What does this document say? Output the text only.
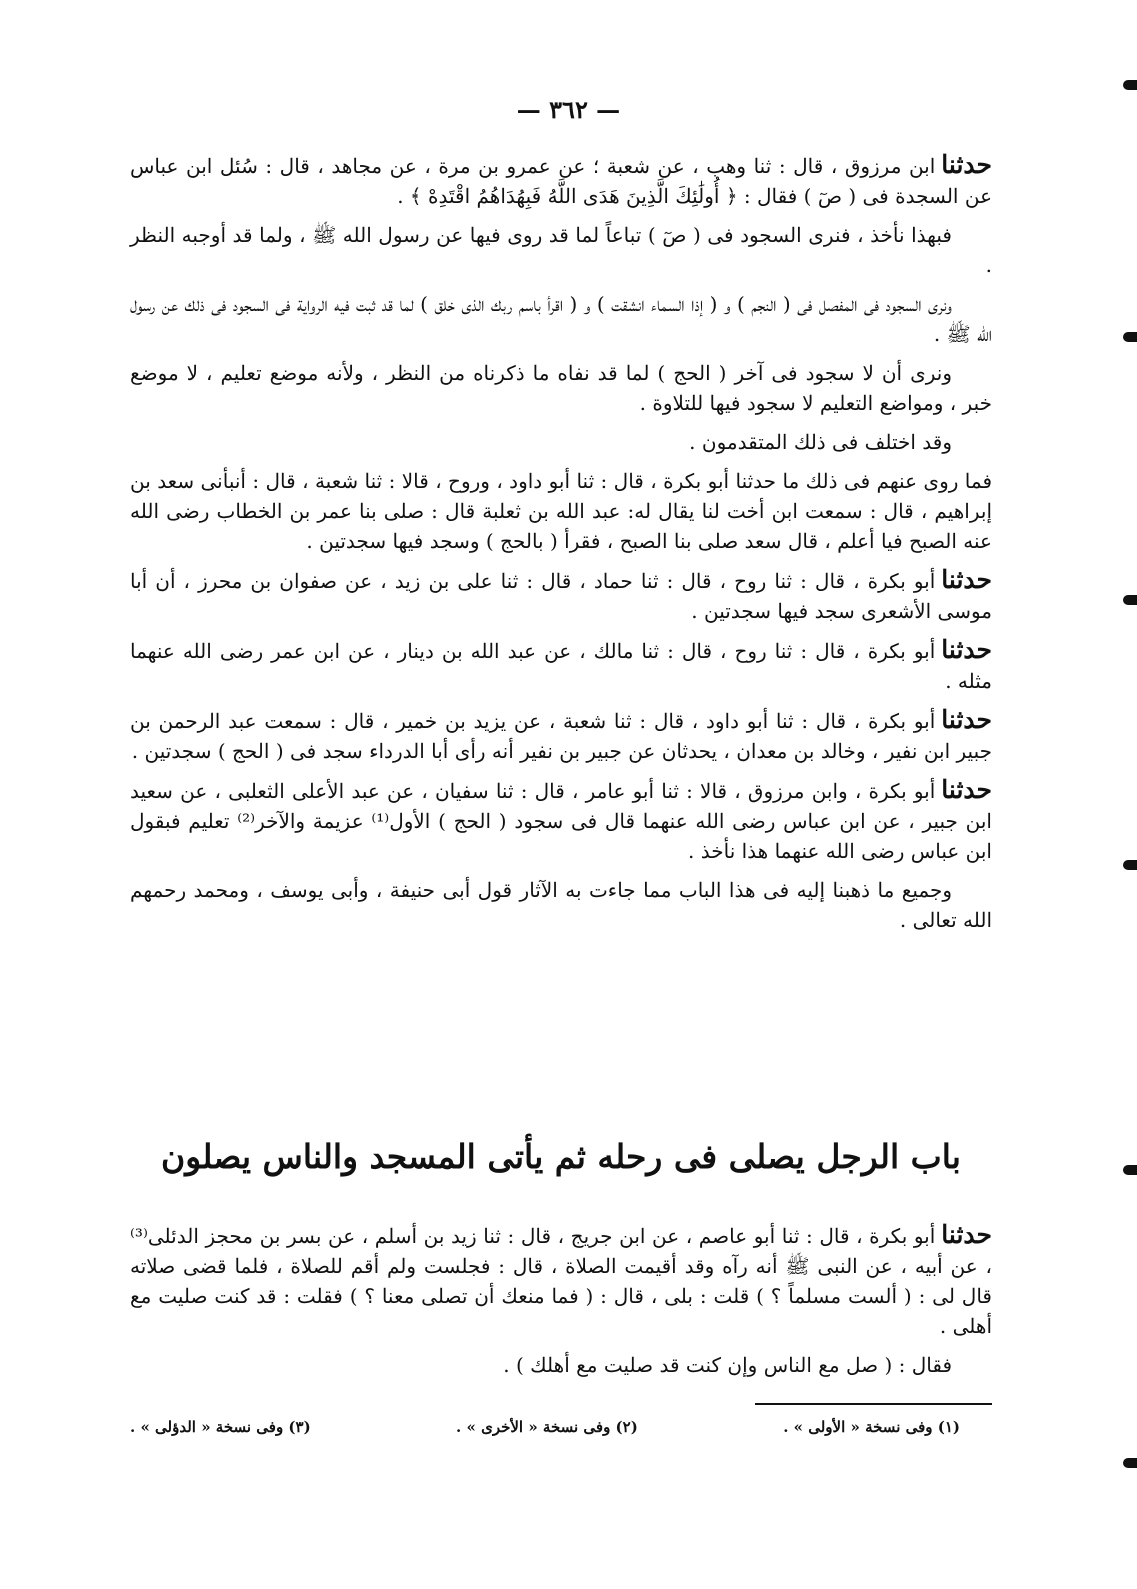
— ٣٦٢ —

حدثناابن مرزوق ، قال : ثنا وهب ، عن شعبة ؛ عن عمرو بن مرة ، عن مجاهد ، قال : سُئل ابن عباس عن السجدة فى ( صٓ ) فقال : ﴿ أُولَٰئِكَ الَّذِينَ هَدَى اللَّهُ فَبِهُدَاهُمُ اقْتَدِهْ ﴾ .

فبهذا نأخذ ، فنرى السجود فى ( صٓ ) تباعاً لما قد روى فيها عن رسول الله ﷺ ، ولما قد أوجبه النظر .

ونرى السجود فى المفصل فى ( النجم ) و ( إذا السماء انشقت ) و ( اقرأ باسم ربك الذى خلق ) لما قد ثبت فيه الرواية فى السجود فى ذلك عن رسول الله ﷺ .

ونرى أن لا سجود فى آخر ( الحج ) لما قد نفاه ما ذكرناه من النظر ، ولأنه موضع تعليم ، لا موضع خبر ، ومواضع التعليم لا سجود فيها للتلاوة .

وقد اختلف فى ذلك المتقدمون .

فما روى عنهم فى ذلك ما حدثنا أبو بكرة ، قال : ثنا أبو داود ، وروح ، قالا : ثنا شعبة ، قال : أنبأنى سعد بن إبراهيم ، قال : سمعت ابن أخت لنا يقال له: عبد الله بن ثعلبة قال : صلى بنا عمر بن الخطاب رضى الله عنه الصبح فيا أعلم ، قال سعد صلى بنا الصبح ، فقرأ ( بالحج ) وسجد فيها سجدتين .

حدثناأبو بكرة ، قال : ثنا روح ، قال : ثنا حماد ، قال : ثنا على بن زيد ، عن صفوان بن محرز ، أن أبا موسى الأشعرى سجد فيها سجدتين .

حدثناأبو بكرة ، قال : ثنا روح ، قال : ثنا مالك ، عن عبد الله بن دينار ، عن ابن عمر رضى الله عنهما مثله .

حدثناأبو بكرة ، قال : ثنا أبو داود ، قال : ثنا شعبة ، عن يزيد بن خمير ، قال : سمعت عبد الرحمن بن جبير ابن نفير ، وخالد بن معدان ، يحدثان عن جبير بن نفير أنه رأى أبا الدرداء سجد فى ( الحج ) سجدتين .

حدثناأبو بكرة ، وابن مرزوق ، قالا : ثنا أبو عامر ، قال : ثنا سفيان ، عن عبد الأعلى الثعلبى ، عن سعيد ابن جبير ، عن ابن عباس رضى الله عنهما قال فى سجود ( الحج ) الأول⁽¹⁾ عزيمة والآخر⁽²⁾ تعليم فبقول ابن عباس رضى الله عنهما هذا نأخذ .

وجميع ما ذهبنا إليه فى هذا الباب مما جاءت به الآثار قول أبى حنيفة ، وأبى يوسف ، ومحمد رحمهم الله تعالى .

باب الرجل يصلى فى رحله ثم يأتى المسجد والناس يصلون

حدثناأبو بكرة ، قال : ثنا أبو عاصم ، عن ابن جريج ، قال : ثنا زيد بن أسلم ، عن بسر بن محجز الدئلى⁽³⁾ ، عن أبيه ، عن النبى ﷺ أنه رآه وقد أقيمت الصلاة ، قال : فجلست ولم أقم للصلاة ، فلما قضى صلاته قال لى : ( ألست مسلماً ؟ ) قلت : بلى ، قال : ( فما منعك أن تصلى معنا ؟ ) فقلت : قد كنت صليت مع أهلى .

فقال : ( صل مع الناس وإن كنت قد صليت مع أهلك ) .

(١) وفى نسخة « الأولى » .
(٢) وفى نسخة « الأخرى » .
(٣) وفى نسخة « الدؤلى » .
